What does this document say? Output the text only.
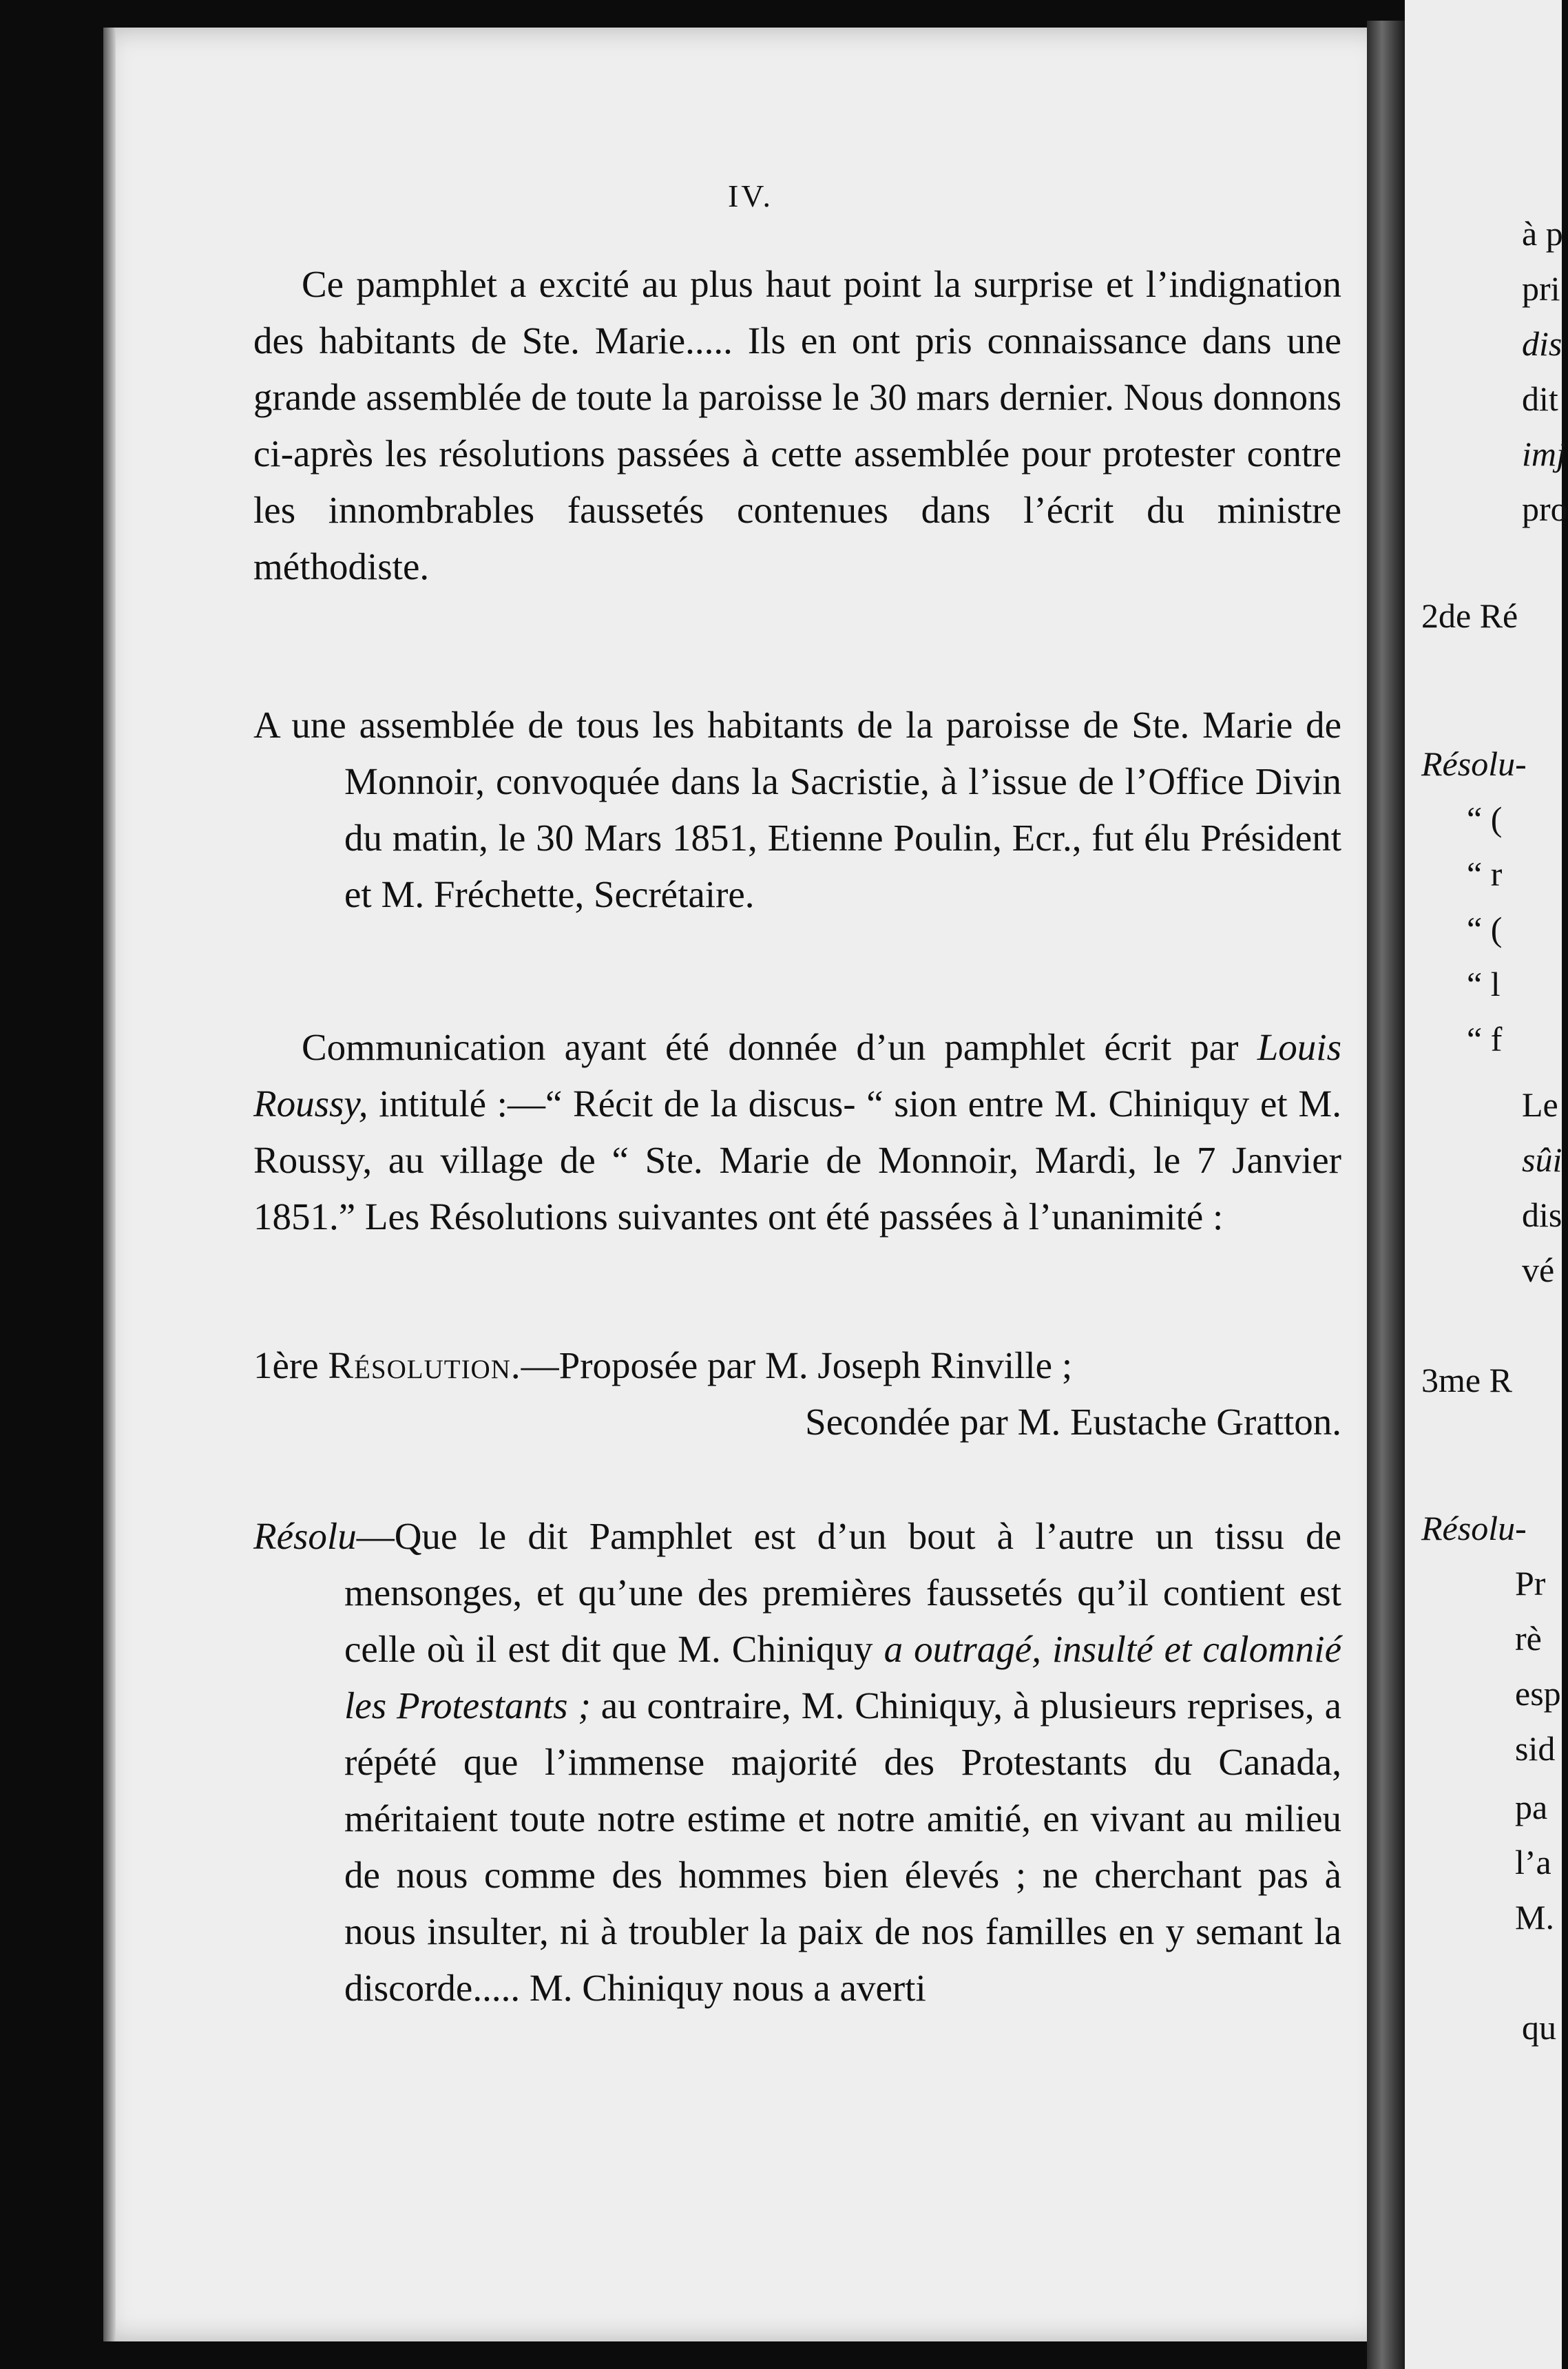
IV.

Ce pamphlet a excité au plus haut point la surprise et l’indignation des habitants de Ste. Marie..... Ils en ont pris connaissance dans une grande assemblée de toute la paroisse le 30 mars dernier. Nous donnons ci-après les résolutions passées à cette assemblée pour protester contre les innombrables faussetés contenues dans l’écrit du ministre méthodiste.

A une assemblée de tous les habitants de la paroisse de Ste. Marie de Monnoir, convoquée dans la Sacristie, à l’issue de l’Office Divin du matin, le 30 Mars 1851, Etienne Poulin, Ecr., fut élu Président et M. Fréchette, Secrétaire.

Communication ayant été donnée d’un pamphlet écrit par Louis Roussy, intitulé :—“ Récit de la discus- “ sion entre M. Chiniquy et M. Roussy, au village de “ Ste. Marie de Monnoir, Mardi, le 7 Janvier 1851.” Les Résolutions suivantes ont été passées à l’unanimité :

1ère Résolution.—Proposée par M. Joseph Rinville ;

Secondée par M. Eustache Gratton.

Résolu—Que le dit Pamphlet est d’un bout à l’autre un tissu de mensonges, et qu’une des premières faussetés qu’il contient est celle où il est dit que M. Chiniquy a outragé, insulté et calomnié les Protestants ; au contraire, M. Chiniquy, à plusieurs reprises, a répété que l’immense majorité des Protestants du Canada, méritaient toute notre estime et notre amitié, en vivant au milieu de nous comme des hommes bien élevés ; ne cherchant pas à nous insulter, ni à troubler la paix de nos familles en y semant la discorde..... M. Chiniquy nous a averti

à p
pri
dis
dit
imj
pro
2de Ré
Résolu-
“ (
“ r
“ (
“ l
“ f
Le
sûi
dis
vé
3me R
Résolu-
Pr
rè
esp
sid
pa
l’a
M.
qu
